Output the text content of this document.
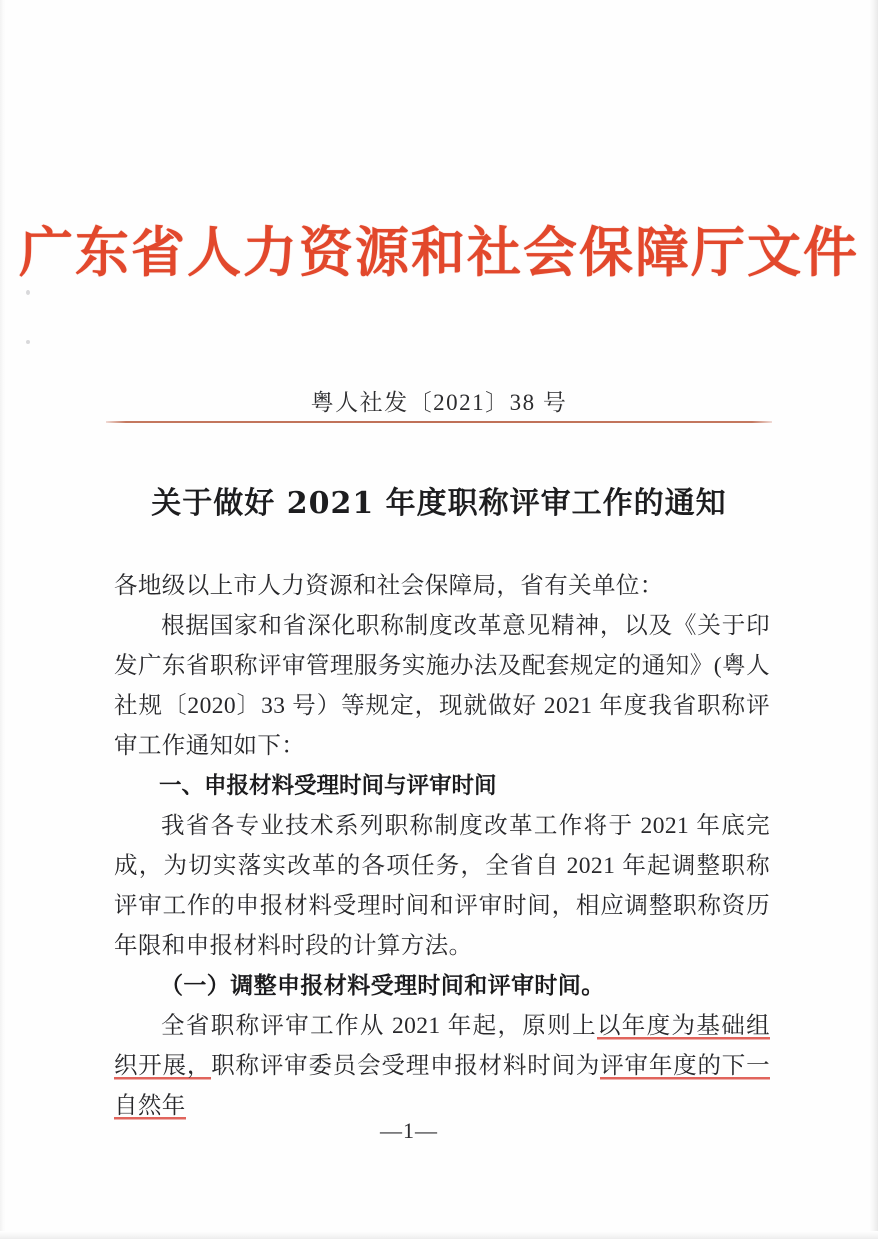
广东省人力资源和社会保障厅文件
粤人社发〔2021〕38 号
关于做好 2021 年度职称评审工作的通知

各地级以上市人力资源和社会保障局，省有关单位：

根据国家和省深化职称制度改革意见精神，以及《关于印发广东省职称评审管理服务实施办法及配套规定的通知》(粤人社规〔2020〕33 号）等规定，现就做好 2021 年度我省职称评审工作通知如下：

一、申报材料受理时间与评审时间

我省各专业技术系列职称制度改革工作将于 2021 年底完成，为切实落实改革的各项任务，全省自 2021 年起调整职称评审工作的申报材料受理时间和评审时间，相应调整职称资历年限和申报材料时段的计算方法。

（一）调整申报材料受理时间和评审时间。

全省职称评审工作从 2021 年起，原则上以年度为基础组织开展，职称评审委员会受理申报材料时间为评审年度的下一自然年

—1—
